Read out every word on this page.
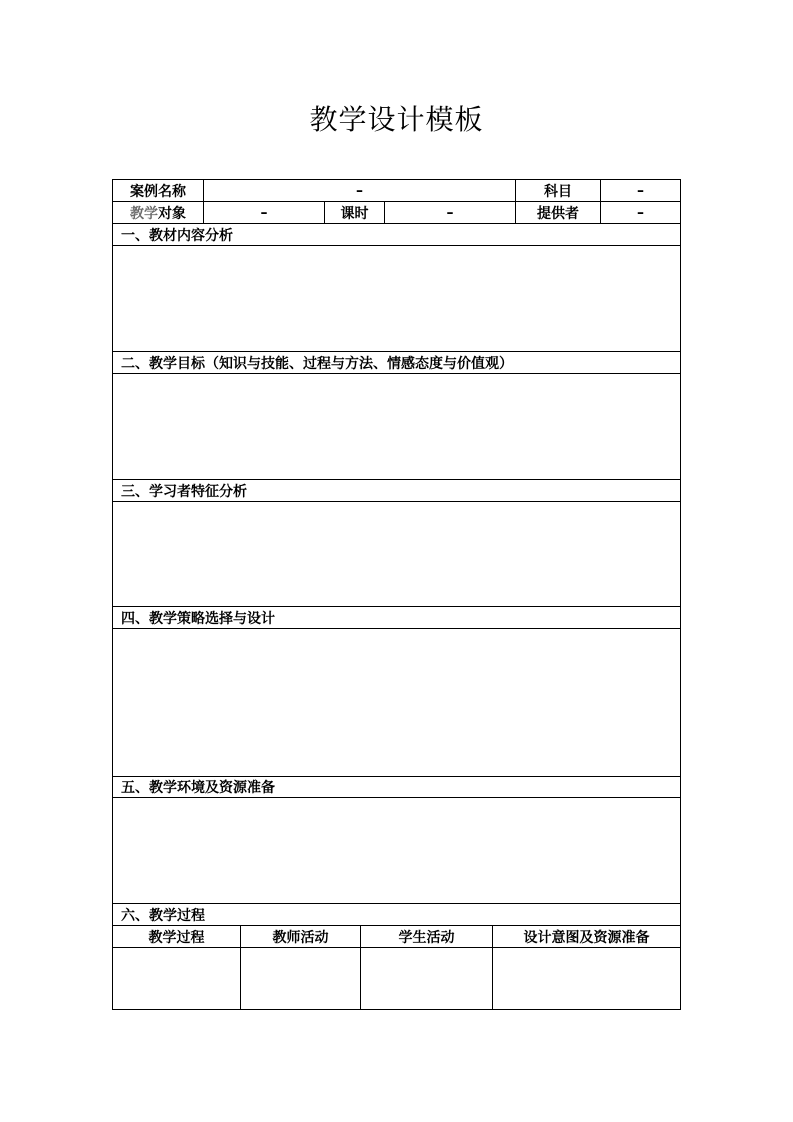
教学设计模板
案例名称	–	科目	–
教学 对象	–	课时	–	提供者	–
一、教材内容分析
二、教学目标（知识与技能、过程与方法、情感态度与价值观）
三、学习者特征分析
四、教学策略选择与设计
五、教学环境及资源准备
六、教学过程
教学过程	教师活动	学生活动	设计意图及资源准备
